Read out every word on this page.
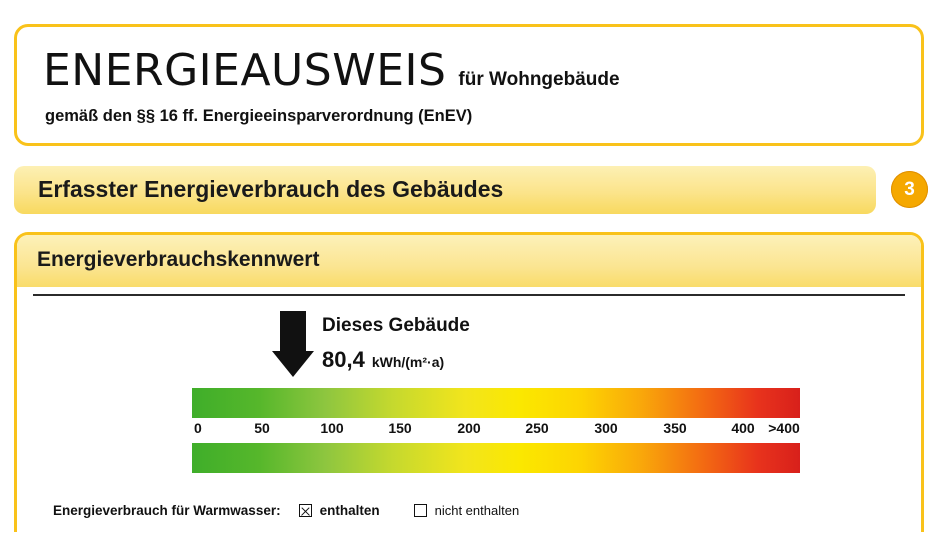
ENERGIEAUSWEIS für Wohngebäude
gemäß den §§ 16 ff. Energieeinsparverordnung (EnEV)
Erfasster Energieverbrauch des Gebäudes	3
Energieverbrauchskennwert
Dieses Gebäude
80,4 kWh/(m²·a)
0	50	100	150	200	250	300	350	400 >400
Energieverbrauch für Warmwasser:	enthalten	nicht enthalten
